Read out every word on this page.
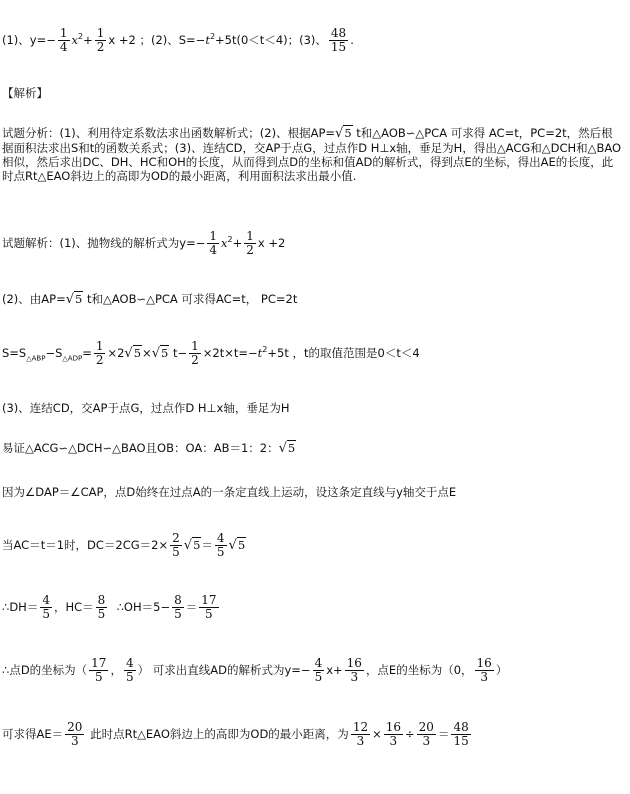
(1)、$y=- \frac{1}{4} x^2+ \frac{1}{2}$ x +2 ；(2)、$S=-t^2+5t(0<t<4)$；(3)、 $\frac{48}{15}$ .
【解析】
试题分析：(1)、利用待定系数法求出函数解析式；(2)、根据AP=√5 t和△AOB∽△PCA 可求得 AC=t，PC=2t，然后根据面积法求出S和t的函数关系式；(3)、连结CD，交AP于点G，过点作D H⊥x轴，垂足为H，得出△ACG和△DCH和△BAO相似，然后求出DC、DH、HC和OH的长度，从而得到点D的坐标和值AD的解析式，得到点E的坐标，得出AE的长度，此时点Rt△EAO斜边上的高即为OD的最小距离，利用面积法求出最小值.
试题解析：(1)、抛物线的解析式为$y=- \frac{1}{4} x^2+ \frac{1}{2}$ x +2
(2)、由AP=√5 t和△AOB∽△PCA 可求得AC=t， PC=2t
$S=S_{\triangle ABP}-S_{\triangle ADP}= \frac{1}{2} \times 2√5\times√5$ $t- \frac{1}{2} \times 2t\times t=-t^2+5t$ ，t的取值范围是0＜t＜4
(3)、连结CD，交AP于点G，过点作D H⊥x轴，垂足为H
易证△ACG∽△DCH∽△BAO且OB：OA：AB＝1：2：√5
因为∠DAP＝∠CAP，点D始终在过点A的一条定直线上运动，设这条定直线与y轴交于点E
当AC＝t＝1时，$DC=2CG=2\times \frac{2}{5} √5= \frac{4}{5} √5$
∴DH＝ $\frac{4}{5}$ ，$HC= \frac{8}{5}$ ∴OH＝5− $\frac{8}{5} = \frac{17}{5}$
∴点D的坐标为（ $\frac{17}{5}$ ， $\frac{4}{5}$ ） 可求出直线AD的解析式为$y=- \frac{4}{5} x+ \frac{16}{3}$ ，点E的坐标为（0， $\frac{16}{3}$ ）
可求得$AE= \frac{20}{3}$ 此时点Rt△EAO斜边上的高即为OD的最小距离，为 $\frac{12}{3} \times \frac{16}{3} \div \frac{20}{3} = \frac{48}{15}$
